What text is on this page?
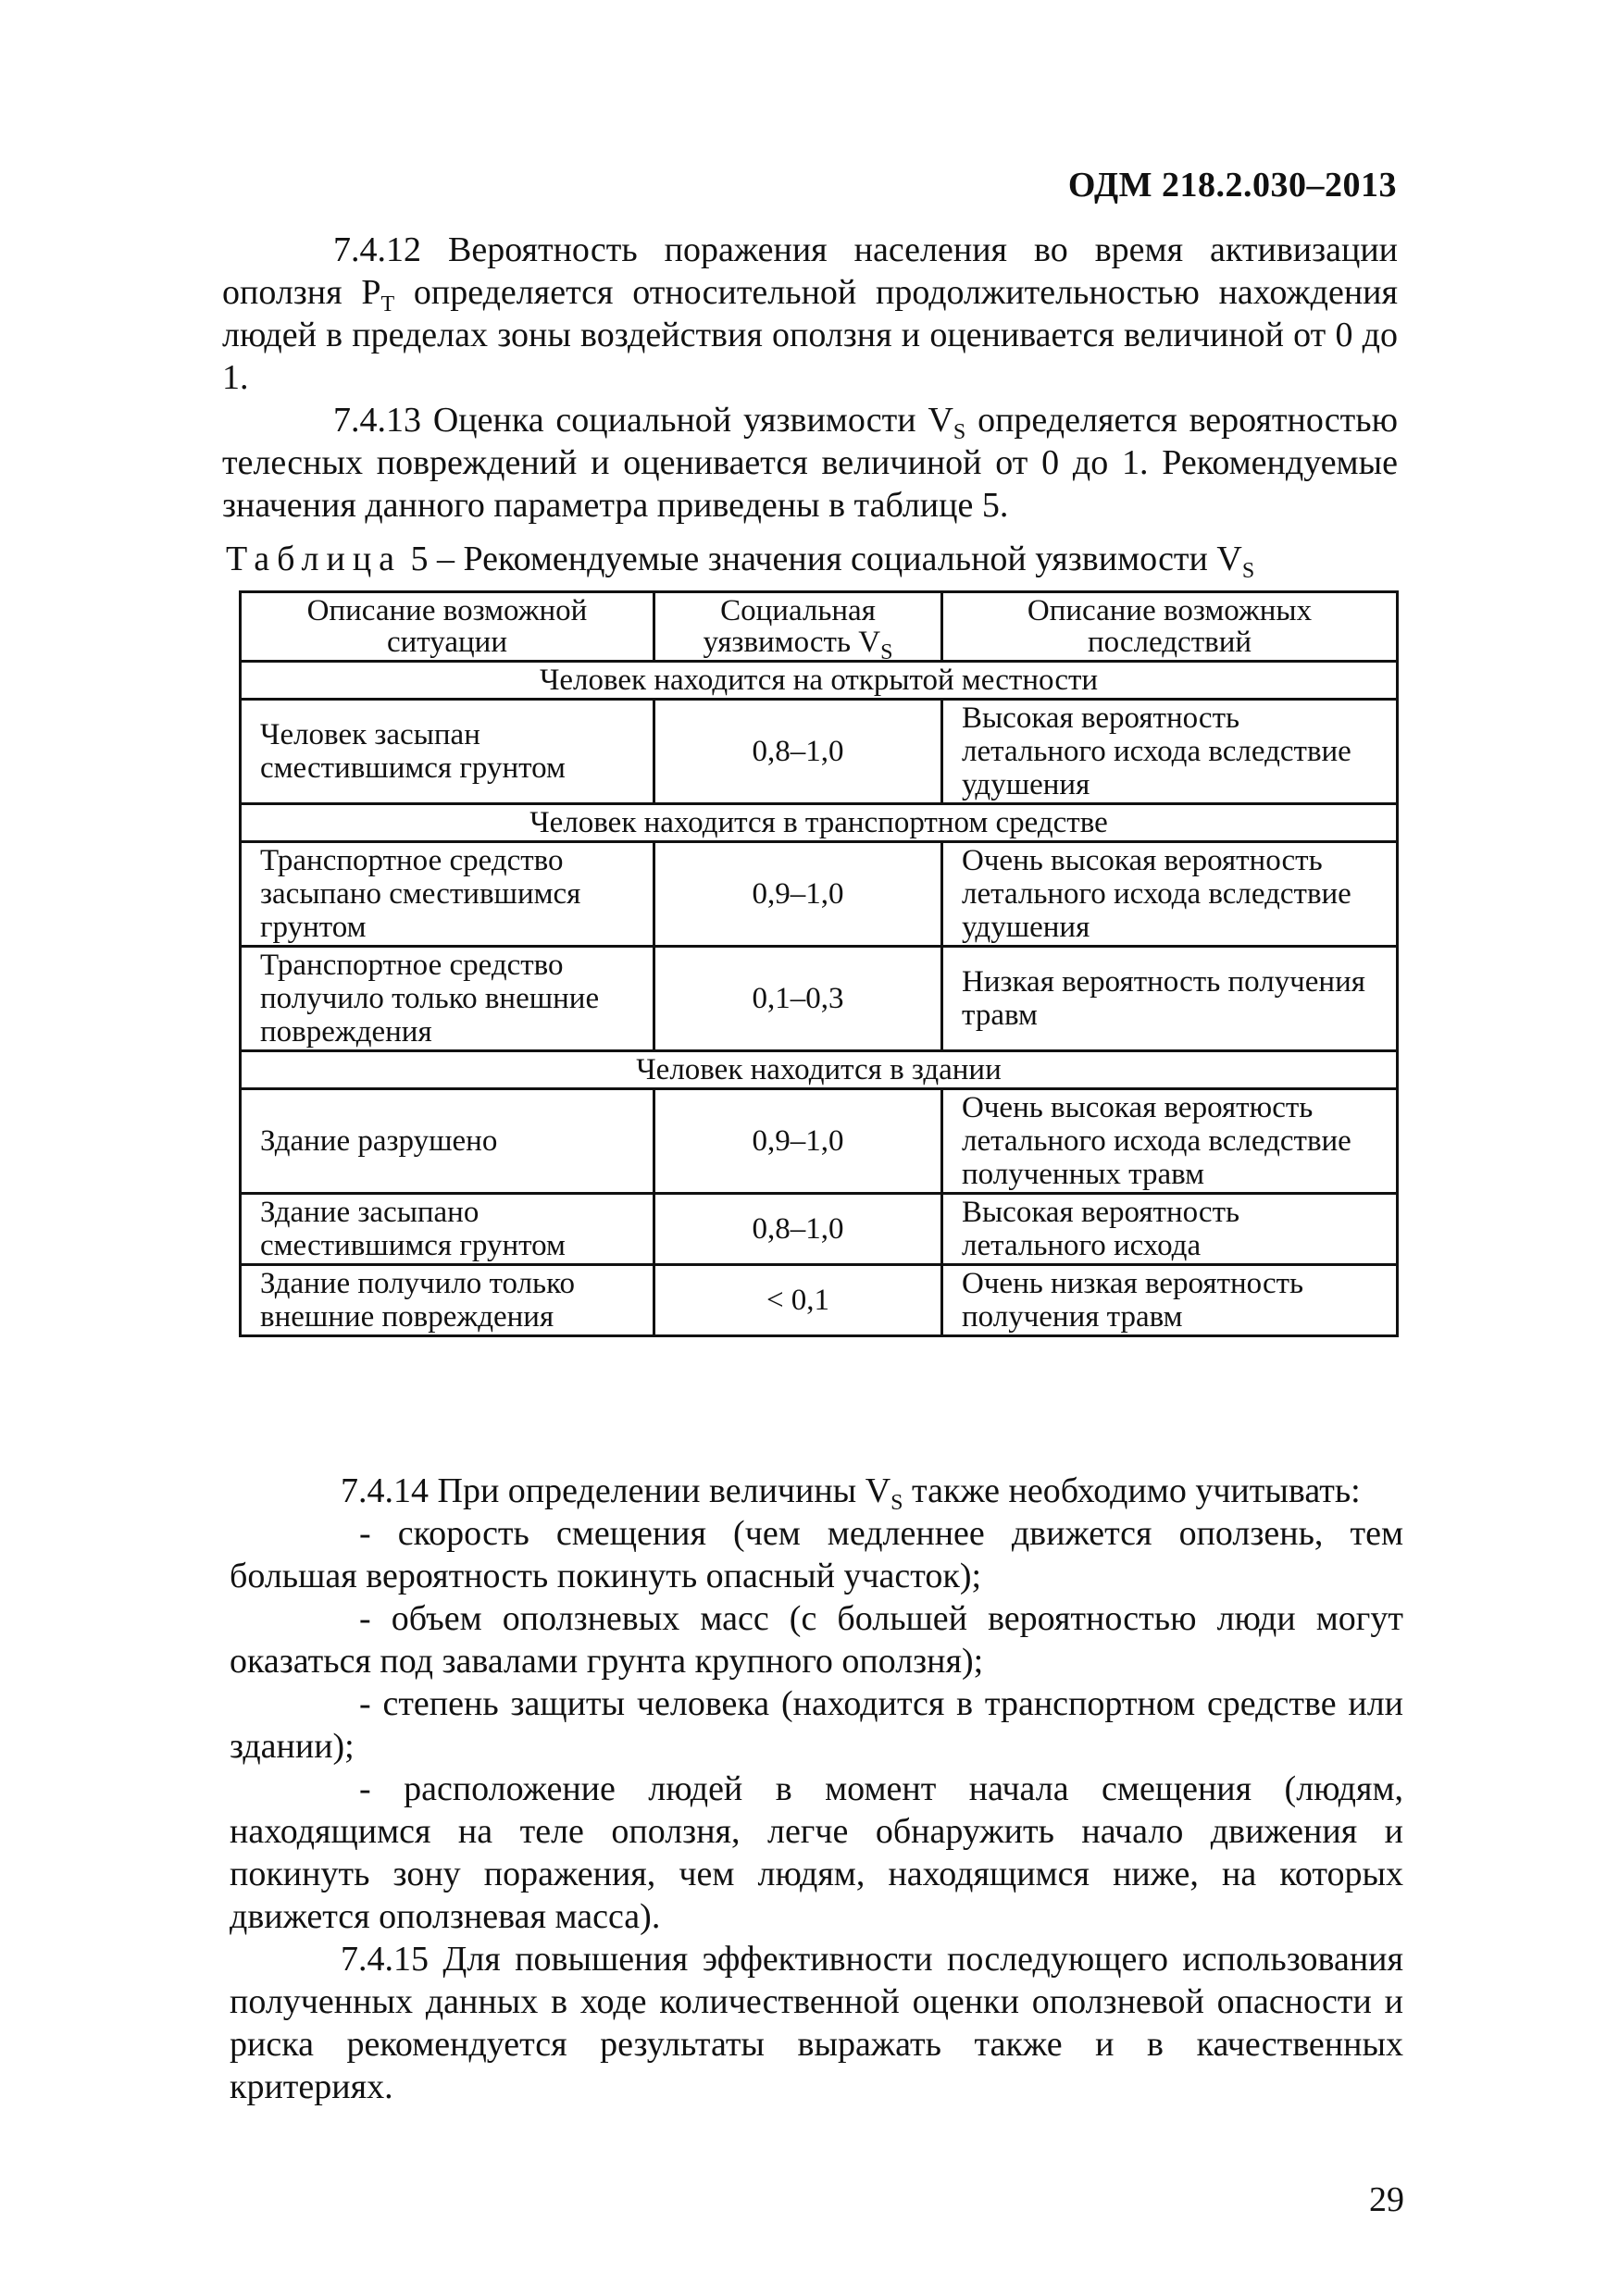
ОДМ 218.2.030–2013

7.4.12 Вероятность поражения населения во время активизации оползня $P_T$ определяется относительной продолжительностью нахождения людей в пределах зоны воздействия оползня и оценивается величиной от 0 до 1.

7.4.13 Оценка социальной уязвимости $V_S$ определяется вероятностью телесных повреждений и оценивается величиной от 0 до 1. Рекомендуемые значения данного параметра приведены в таблице 5.

Таблица 5 – Рекомендуемые значения социальной уязвимости $V_S$
Описание возможной ситуации	Социальная уязвимость $V_S$	Описание возможных последствий
Человек находится на открытой местности		
Человек засыпан сместившимся грунтом	0,8–1,0	Высокая вероятность летального исхода вследствие удушения
Человек находится в транспортном средстве		
Транспортное средство засыпано сместившимся грунтом	0,9–1,0	Очень высокая вероятность летального исхода вследствие удушения
Транспортное средство получило только внешние повреждения	0,1–0,3	Низкая вероятность получения травм
Человек находится в здании		
Здание разрушено	0,9–1,0	Очень высокая вероятюсть летального исхода вследствие полученных травм
Здание засыпано сместившимся грунтом	0,8–1,0	Высокая вероятность летального исхода
Здание получило только внешние повреждения	< 0,1	Очень низкая вероятность получения травм

7.4.14 При определении величины $V_S$ также необходимо учитывать:

- скорость смещения (чем медленнее движется оползень, тем большая вероятность покинуть опасный участок);

- объем оползневых масс (с большей вероятностью люди могут оказаться под завалами грунта крупного оползня);

- степень защиты человека (находится в транспортном средстве или здании);

- расположение людей в момент начала смещения (людям, находящимся на теле оползня, легче обнаружить начало движения и покинуть зону поражения, чем людям, находящимся ниже, на которых движется оползневая масса).

7.4.15 Для повышения эффективности последующего использования полученных данных в ходе количественной оценки оползневой опасности и риска рекомендуется результаты выражать также и в качественных критериях.

29
